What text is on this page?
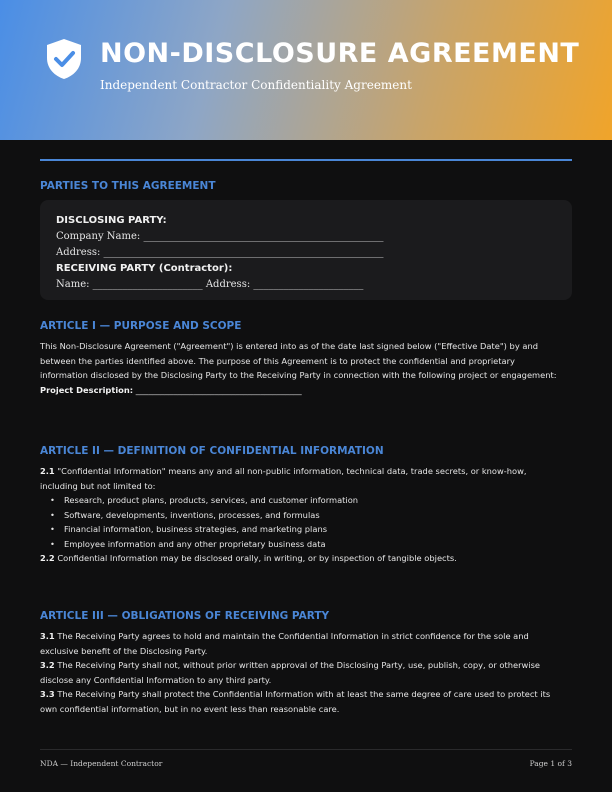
NON-DISCLOSURE AGREEMENT
Independent Contractor Confidentiality Agreement
PARTIES TO THIS AGREEMENT
DISCLOSING PARTY:
Company Name: ________________________________________________
Address: ________________________________________________________
RECEIVING PARTY (Contractor):
Name: ______________________ Address: ______________________
ARTICLE I — PURPOSE AND SCOPE
This Non-Disclosure Agreement ("Agreement") is entered into as of the date last signed below ("Effective Date") by and
between the parties identified above. The purpose of this Agreement is to protect the confidential and proprietary
information disclosed by the Disclosing Party to the Receiving Party in connection with the following project or engagement:
Project Description: ________________________________________
ARTICLE II — DEFINITION OF CONFIDENTIAL INFORMATION
2.1 "Confidential Information" means any and all non-public information, technical data, trade secrets, or know-how,
including but not limited to:
• Research, product plans, products, services, and customer information
• Software, developments, inventions, processes, and formulas
• Financial information, business strategies, and marketing plans
• Employee information and any other proprietary business data
2.2 Confidential Information may be disclosed orally, in writing, or by inspection of tangible objects.
ARTICLE III — OBLIGATIONS OF RECEIVING PARTY
3.1 The Receiving Party agrees to hold and maintain the Confidential Information in strict confidence for the sole and
exclusive benefit of the Disclosing Party.
3.2 The Receiving Party shall not, without prior written approval of the Disclosing Party, use, publish, copy, or otherwise
disclose any Confidential Information to any third party.
3.3 The Receiving Party shall protect the Confidential Information with at least the same degree of care used to protect its
own confidential information, but in no event less than reasonable care.
NDA — Independent Contractor	Page 1 of 3
